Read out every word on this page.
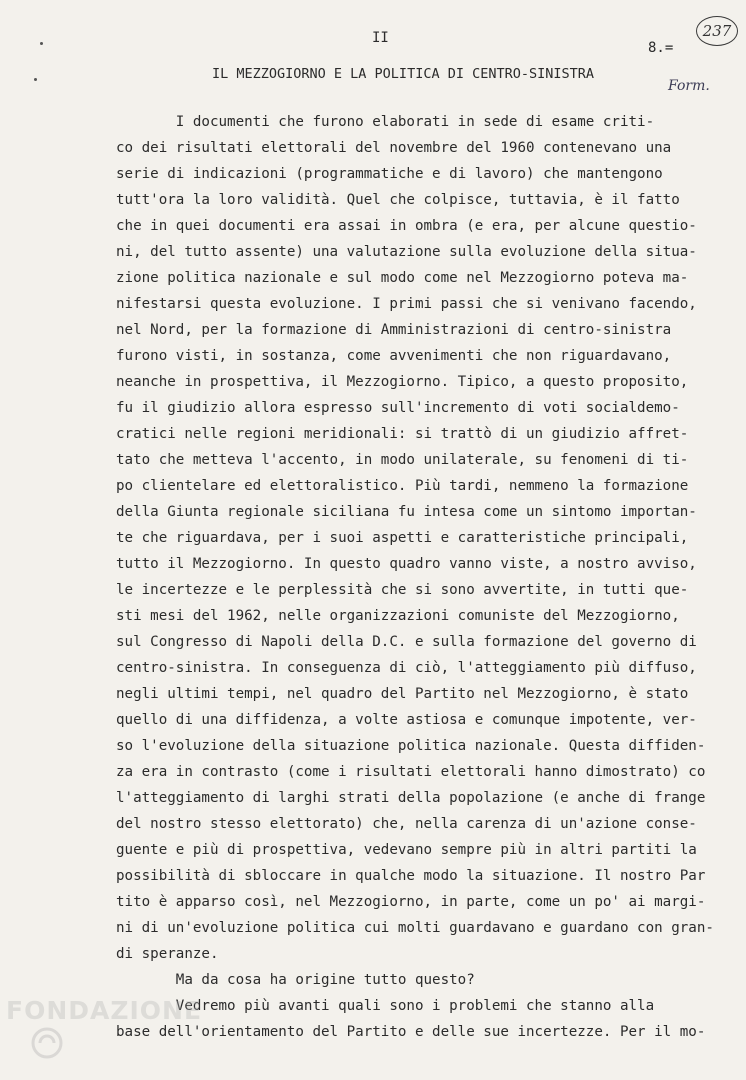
II
8.=
237
Form.
IL MEZZOGIORNO E LA POLITICA DI CENTRO-SINISTRA
I documenti che furono elaborati in sede di esame criti-
co dei risultati elettorali del novembre del 1960 contenevano una
serie di indicazioni (programmatiche e di lavoro) che mantengono
tutt'ora la loro validità. Quel che colpisce, tuttavia, è il fatto
che in quei documenti era assai in ombra (e era, per alcune questio-
ni, del tutto assente) una valutazione sulla evoluzione della situa-
zione politica nazionale e sul modo come nel Mezzogiorno poteva ma-
nifestarsi questa evoluzione. I primi passi che si venivano facendo,
nel Nord, per la formazione di Amministrazioni di centro-sinistra
furono visti, in sostanza, come avvenimenti che non riguardavano,
neanche in prospettiva, il Mezzogiorno. Tipico, a questo proposito,
fu il giudizio allora espresso sull'incremento di voti socialdemo-
cratici nelle regioni meridionali: si trattò di un giudizio affret-
tato che metteva l'accento, in modo unilaterale, su fenomeni di ti-
po clientelare ed elettoralistico. Più tardi, nemmeno la formazione
della Giunta regionale siciliana fu intesa come un sintomo importan-
te che riguardava, per i suoi aspetti e caratteristiche principali,
tutto il Mezzogiorno. In questo quadro vanno viste, a nostro avviso,
le incertezze e le perplessità che si sono avvertite, in tutti que-
sti mesi del 1962, nelle organizzazioni comuniste del Mezzogiorno,
sul Congresso di Napoli della D.C. e sulla formazione del governo di
centro-sinistra. In conseguenza di ciò, l'atteggiamento più diffuso,
negli ultimi tempi, nel quadro del Partito nel Mezzogiorno, è stato
quello di una diffidenza, a volte astiosa e comunque impotente, ver-
so l'evoluzione della situazione politica nazionale. Questa diffiden-
za era in contrasto (come i risultati elettorali hanno dimostrato) co
l'atteggiamento di larghi strati della popolazione (e anche di frange
del nostro stesso elettorato) che, nella carenza di un'azione conse-
guente e più di prospettiva, vedevano sempre più in altri partiti la
possibilità di sbloccare in qualche modo la situazione. Il nostro Par
tito è apparso così, nel Mezzogiorno, in parte, come un po' ai margi-
ni di un'evoluzione politica cui molti guardavano e guardano con gran-
di speranze.
Ma da cosa ha origine tutto questo?
Vedremo più avanti quali sono i problemi che stanno alla
base dell'orientamento del Partito e delle sue incertezze. Per il mo-
FONDAZIONE
